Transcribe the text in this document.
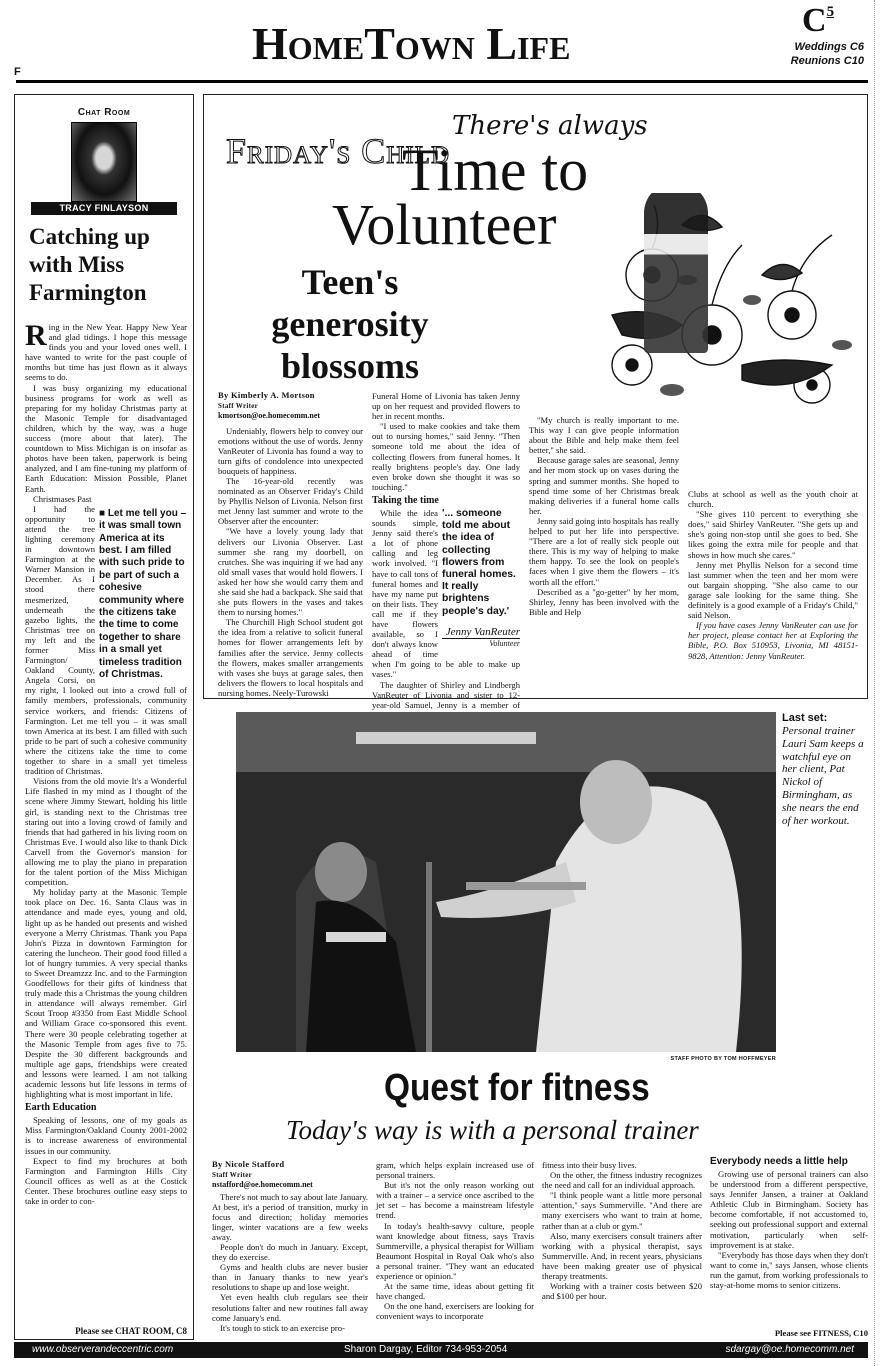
F
HomeTown Life	C5
Weddings C6
Reunions C10
Chat Room
TRACY FINLAYSON
Catching up with Miss Farmington

Ring in the New Year. Happy New Year and glad tidings. I hope this message finds you and your loved ones well. I have wanted to write for the past couple of months but time has just flown as it always seems to do.

I was busy organizing my educational business programs for work as well as preparing for my holiday Christmas party at the Masonic Temple for disadvantaged children, which by the way, was a huge success (more about that later). The countdown to Miss Michigan is on insofar as photos have been taken, paperwork is being analyzed, and I am fine-tuning my platform of Earth Education: Mission Possible, Planet Earth.

Christmases Past

■ Let me tell you – it was small town America at its best. I am filled with such pride to be part of such a cohesive community where the citizens take the time to come together to share in a small yet timeless tradition of Christmas.

I had the opportunity to attend the tree lighting ceremony in downtown Farmington at the Warner Mansion in December. As I stood there mesmerized, underneath the gazebo lights, the Christmas tree on my left and the former Miss Farmington/ Oakland County, Angela Corsi, on my right, I looked out into a crowd full of family members, professionals, community service workers, and friends: Citizens of Farmington. Let me tell you – it was small town America at its best. I am filled with such pride to be part of such a cohesive community where the citizens take the time to come together to share in a small yet timeless tradition of Christmas.

Visions from the old movie It's a Wonderful Life flashed in my mind as I thought of the scene where Jimmy Stewart, holding his little girl, is standing next to the Christmas tree staring out into a loving crowd of family and friends that had gathered in his living room on Christmas Eve. I would also like to thank Dick Carvell from the Governor's mansion for allowing me to play the piano in preparation for the talent portion of the Miss Michigan competition.

My holiday party at the Masonic Temple took place on Dec. 16. Santa Claus was in attendance and made eyes, young and old, light up as he handed out presents and wished everyone a Merry Christmas. Thank you Papa John's Pizza in downtown Farmington for catering the luncheon. Their good food filled a lot of hungry tummies. A very special thanks to Sweet Dreamzzz Inc. and to the Farmington Goodfellows for their gifts of kindness that truly made this a Christmas the young children in attendance will always remember. Girl Scout Troop #3350 from East Middle School and William Grace co-sponsored this event. There were 30 people celebrating together at the Masonic Temple from ages five to 75. Despite the 30 different backgrounds and multiple age gaps, friendships were created and lessons were learned. I am not talking academic lessons but life lessons in terms of highlighting what is most important in life.

Earth Education

Speaking of lessons, one of my goals as Miss Farmington/Oakland County 2001-2002 is to increase awareness of environmental issues in our community.

Expect to find my brochures at both Farmington and Farmington Hills City Council offices as well as at the Costick Center. These brochures outline easy steps to take in order to con-

Please see CHAT ROOM, C8
Friday's Child
There's always
Time to
Volunteer
Teen's generosity blossoms
By Kimberly A. Mortson
Staff Writer
kmortson@oe.homecomm.net

Undeniably, flowers help to convey our emotions without the use of words. Jenny VanReuter of Livonia has found a way to turn gifts of condolence into unexpected bouquets of happiness.

The 16-year-old recently was nominated as an Observer Friday's Child by Phyllis Nelson of Livonia. Nelson first met Jenny last summer and wrote to the Observer after the encounter:

"We have a lovely young lady that delivers our Livonia Observer. Last summer she rang my doorbell, on crutches. She was inquiring if we had any old small vases that would hold flowers. I asked her how she would carry them and she said she had a backpack. She said that she puts flowers in the vases and takes them to nursing homes."

The Churchill High School student got the idea from a relative to solicit funeral homes for flower arrangements left by families after the service. Jenny collects the flowers, makes smaller arrangements with vases she buys at garage sales, then delivers the flowers to local hospitals and nursing homes. Neely-Turowski

Funeral Home of Livonia has taken Jenny up on her request and provided flowers to her in recent months.

"I used to make cookies and take them out to nursing homes," said Jenny. "Then someone told me about the idea of collecting flowers from funeral homes. It really brightens people's day. One lady even broke down she thought it was so touching."

Taking the time
'... someone told me about the idea of collecting flowers from funeral homes. It really brightens people's day.'
Jenny VanReuter
Volunteer

While the idea sounds simple, Jenny said there's a lot of phone calling and leg work involved. "I have to call tons of funeral homes and have my name put on their lists. They call me if they have flowers available, so I don't always know ahead of time when I'm going to be able to make up vases."

The daughter of Shirley and Lindbergh VanReuter of Livonia and sister to 12-year-old Samuel, Jenny is a member of

"My church is really important to me. This way I can give people information about the Bible and help make them feel better," she said.

Because garage sales are seasonal, Jenny and her mom stock up on vases during the spring and summer months. She hoped to spend time some of her Christmas break making deliveries if a funeral home calls her.

Jenny said going into hospitals has really helped to put her life into perspective. "There are a lot of really sick people out there. This is my way of helping to make them happy. To see the look on people's faces when I give them the flowers – it's worth all the effort."

Described as a "go-getter" by her mom, Shirley, Jenny has been involved with the Bible and Help

Clubs at school as well as the youth choir at church.

"She gives 110 percent to everything she does," said Shirley VanReuter. "She gets up and she's going non-stop until she goes to bed. She likes going the extra mile for people and that shows in how much she cares."

Jenny met Phyllis Nelson for a second time last summer when the teen and her mom were out bargain shopping. "She also came to our garage sale looking for the same thing. She definitely is a good example of a Friday's Child," said Nelson.

If you have cases Jenny VanReuter can use for her project, please contact her at Exploring the Bible, P.O. Box 510953, Livonia, MI 48151-9828, Attention: Jenny VanReuter.

Last set:
Personal trainer Lauri Sam keeps a watchful eye on her client, Pat Nickol of Birmingham, as she nears the end of her workout.
STAFF PHOTO BY TOM HOFFMEYER
Quest for fitness
Today's way is with a personal trainer
By Nicole Stafford
Staff Writer
nstafford@oe.homecomm.net

There's not much to say about late January. At best, it's a period of transition, murky in focus and direction; holiday memories linger, winter vacations are a few weeks away.

People don't do much in January. Except, they do exercise.

Gyms and health clubs are never busier than in January thanks to new year's resolutions to shape up and lose weight.

Yet even health club regulars see their resolutions falter and new routines fall away come January's end.

It's tough to stick to an exercise pro-

gram, which helps explain increased use of personal trainers.

But it's not the only reason working out with a trainer – a service once ascribed to the jet set – has become a mainstream lifestyle trend.

In today's health-savvy culture, people want knowledge about fitness, says Travis Summerville, a physical therapist for William Beaumont Hospital in Royal Oak who's also a personal trainer. "They want an educated experience or opinion."

At the same time, ideas about getting fit have changed.

On the one hand, exercisers are looking for convenient ways to incorporate

fitness into their busy lives.

On the other, the fitness industry recognizes the need and call for an individual approach.

"I think people want a little more personal attention," says Summerville. "And there are many exercisers who want to train at home, rather than at a club or gym."

Also, many exercisers consult trainers after working with a physical therapist, says Summerville. And, in recent years, physicians have been making greater use of physical therapy treatments.

Working with a trainer costs between $20 and $100 per hour.

Everybody needs a little help

Growing use of personal trainers can also be understood from a different perspective, says Jennifer Jansen, a trainer at Oakland Athletic Club in Birmingham. Society has become comfortable, if not accustomed to, seeking out professional support and external motivation, particularly when self-improvement is at stake.

"Everybody has those days when they don't want to come in," says Jansen, whose clients run the gamut, from working professionals to stay-at-home moms to senior citizens.

Please see FITNESS, C10
www.observerandeccentric.com	Sharon Dargay, Editor 734-953-2054	sdargay@oe.homecomm.net
